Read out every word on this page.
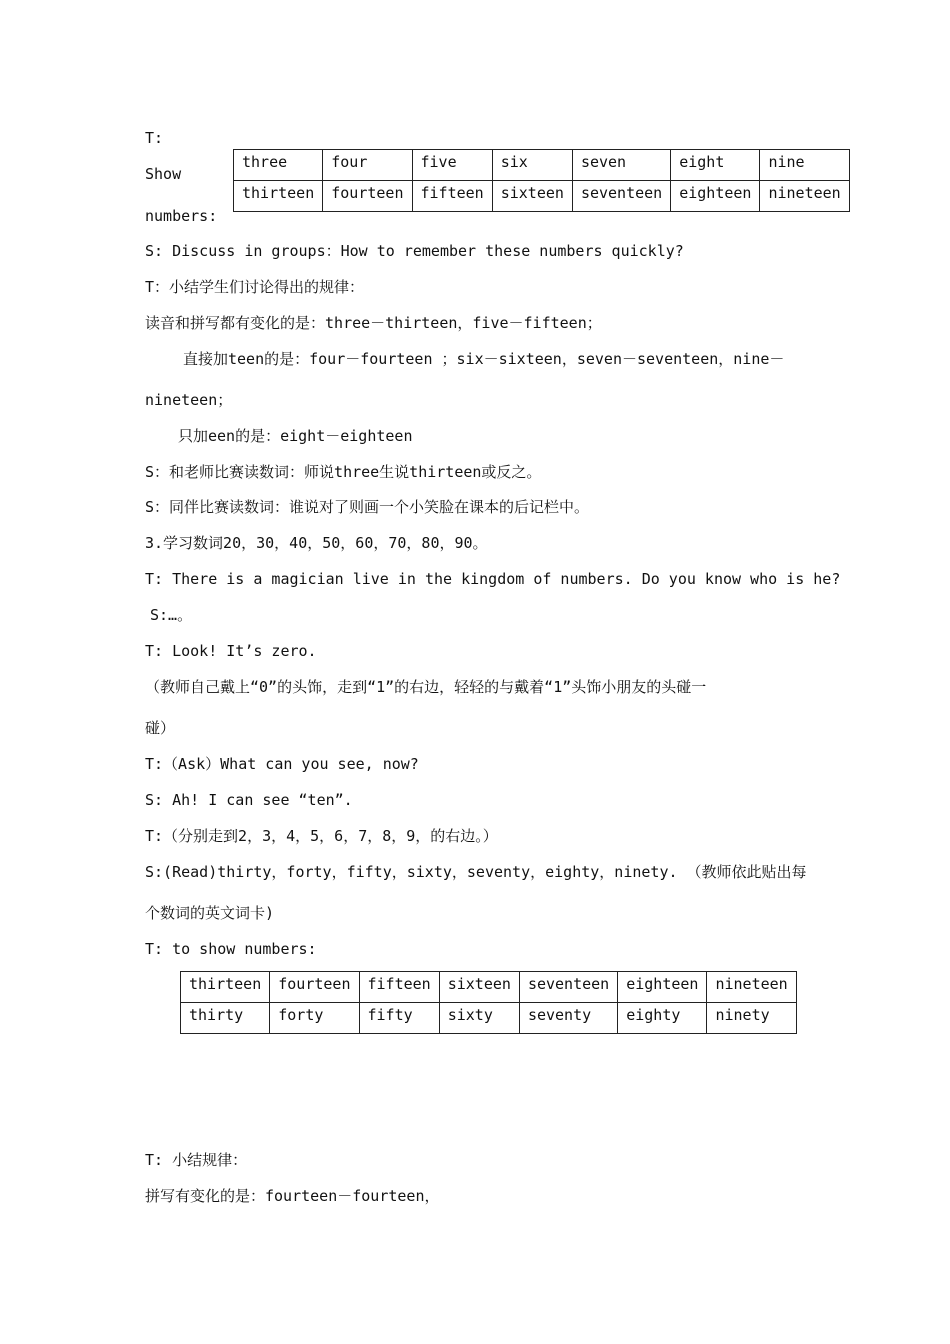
T:
Show
numbers:
three	four	five	six	seven	eight	nine
thirteen	fourteen	fifteen	sixteen	seventeen	eighteen	nineteen
S: Discuss in groups：How to remember these numbers quickly?
T：小结学生们讨论得出的规律：
读音和拼写都有变化的是：three－thirteen，five－fifteen；
直接加teen的是：four－fourteen ；six－sixteen，seven－seventeen，nine－
nineteen；
只加een的是：eight－eighteen
S：和老师比赛读数词：师说three生说thirteen或反之。
S：同伴比赛读数词：谁说对了则画一个小笑脸在课本的后记栏中。
3.学习数词20，30，40，50，60，70，80，90。
T: There is a magician live in the kingdom of numbers. Do you know who is he?
S:…。
T: Look! It’s zero.
（教师自己戴上“0”的头饰，走到“1”的右边，轻轻的与戴着“1”头饰小朋友的头碰一
碰）
T:（Ask）What can you see, now?
S: Ah! I can see “ten”.
T:（分别走到2，3，4，5，6，7，8，9，的右边。）
S:(Read)thirty，forty，fifty，sixty，seventy，eighty，ninety. （教师依此贴出每
个数词的英文词卡)
T: to show numbers:
thirteen	fourteen	fifteen	sixteen	seventeen	eighteen	nineteen
thirty	forty	fifty	sixty	seventy	eighty	ninety
T: 小结规律：
拼写有变化的是：fourteen－fourteen，
